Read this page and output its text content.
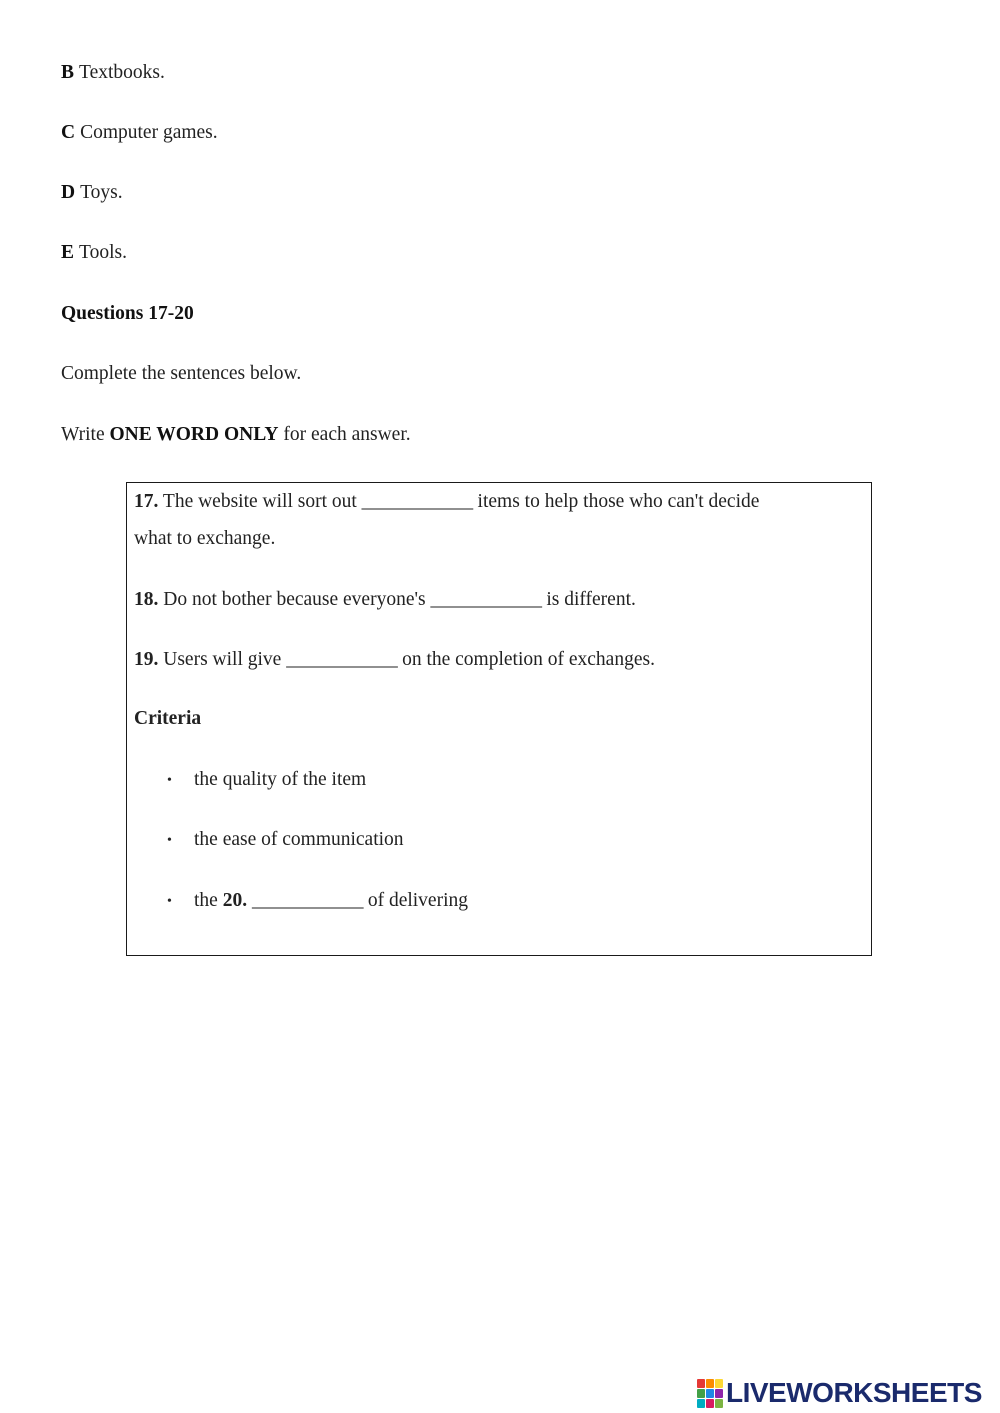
B Textbooks.
C Computer games.
D Toys.
E Tools.
Questions 17-20
Complete the sentences below.
Write ONE WORD ONLY for each answer.
17. The website will sort out ____________ items to help those who can't decide
what to exchange.
18. Do not bother because everyone's ____________ is different.
19. Users will give ____________ on the completion of exchanges.
Criteria
• the quality of the item
• the ease of communication
• the 20. ____________ of delivering
LIVEWORKSHEETS
